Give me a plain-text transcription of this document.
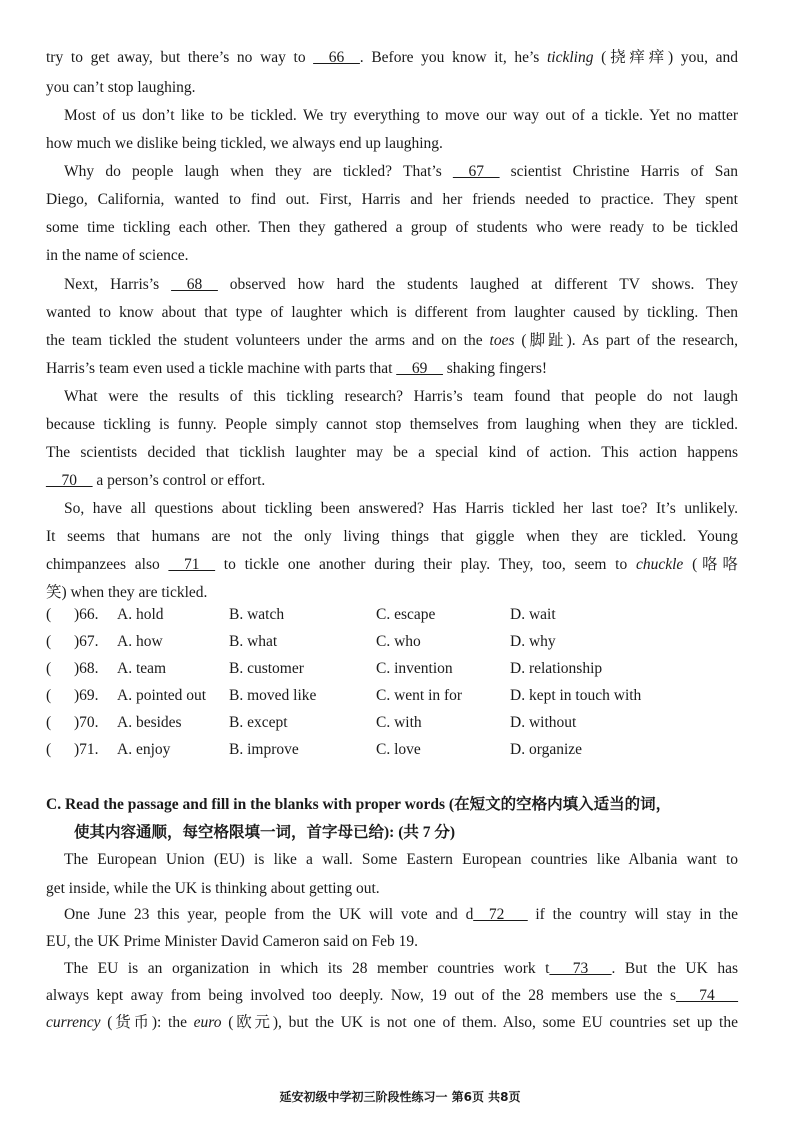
try to get away, but there’s no way to __66__. Before you know it, he’s tickling (挠痒痒) you, and
you can’t stop laughing.
Most of us don’t like to be tickled. We try everything to move our way out of a tickle. Yet no matter
how much we dislike being tickled, we always end up laughing.
Why do people laugh when they are tickled? That’s __67__ scientist Christine Harris of San
Diego, California, wanted to find out. First, Harris and her friends needed to practice. They spent
some time tickling each other. Then they gathered a group of students who were ready to be tickled
in the name of science.
Next, Harris’s __68__ observed how hard the students laughed at different TV shows. They
wanted to know about that type of laughter which is different from laughter caused by tickling. Then
the team tickled the student volunteers under the arms and on the toes (脚趾). As part of the research,
Harris’s team even used a tickle machine with parts that __69__ shaking fingers!
What were the results of this tickling research? Harris’s team found that people do not laugh
because tickling is funny. People simply cannot stop themselves from laughing when they are tickled.
The scientists decided that ticklish laughter may be a special kind of action. This action happens
__70__ a person’s control or effort.
So, have all questions about tickling been answered? Has Harris tickled her last toe? It’s unlikely.
It seems that humans are not the only living things that giggle when they are tickled. Young
chimpanzees also __71__ to tickle one another during their play. They, too, seem to chuckle (咯咯
笑) when they are tickled.
( )66. A. hold	B. watch	C. escape	D. wait
( )67. A. how	B. what	C. who	D. why
( )68. A. team	B. customer	C. invention	D. relationship
( )69. A. pointed out B. moved like	C. went in for	D. kept in touch with
( )70. A. besides	B. except	C. with	D. without
( )71. A. enjoy	B. improve	C. love	D. organize
C. Read the passage and fill in the blanks with proper words (在短文的空格内填入适当的词，
使其内容通顺，每空格限填一词，首字母已给): (共 7 分)
The European Union (EU) is like a wall. Some Eastern European countries like Albania want to
get inside, while the UK is thinking about getting out.
One June 23 this year, people from the UK will vote and d__72___ if the country will stay in the
EU, the UK Prime Minister David Cameron said on Feb 19.
The EU is an organization in which its 28 member countries work t___73___. But the UK has
always kept away from being involved too deeply. Now, 19 out of the 28 members use the s___74___
currency (货币): the euro (欧元), but the UK is not one of them. Also, some EU countries set up the
延安初级中学初三阶段性练习一 第6页 共8页
